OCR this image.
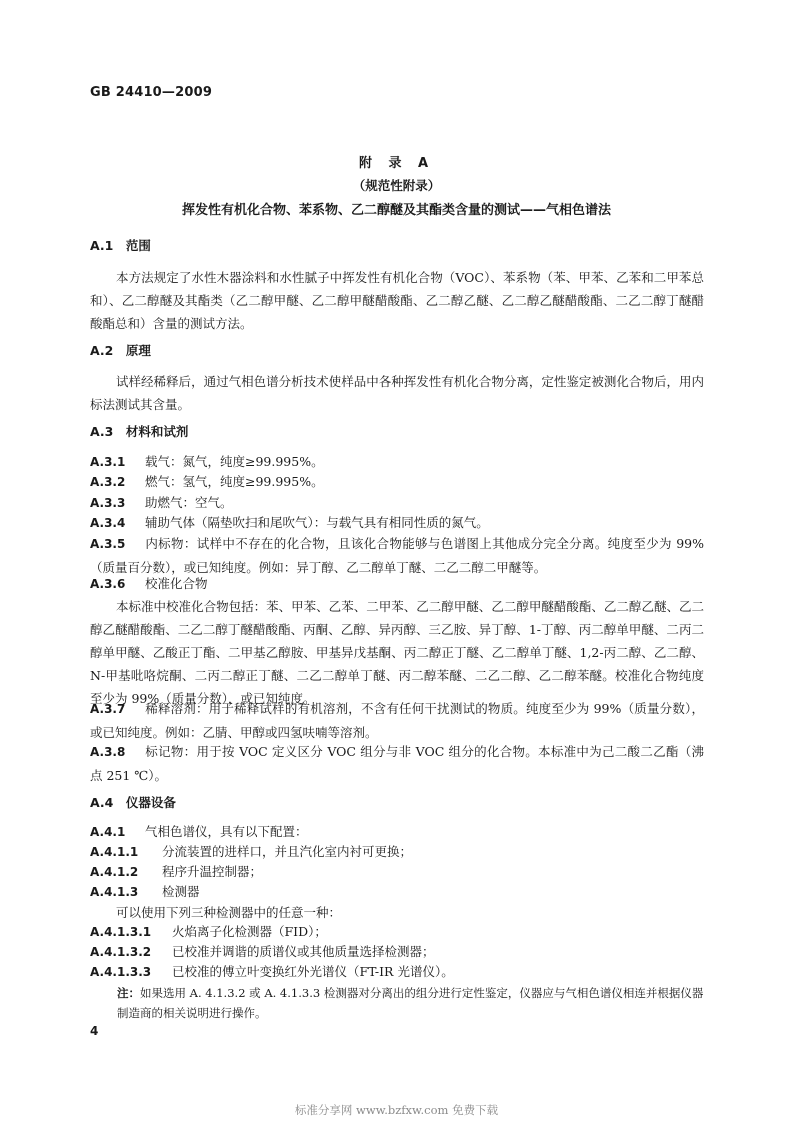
GB 24410—2009
附 录 A
（规范性附录）
挥发性有机化合物、苯系物、乙二醇醚及其酯类含量的测试——气相色谱法
A.1　范围
本方法规定了水性木器涂料和水性腻子中挥发性有机化合物（VOC）、苯系物（苯、甲苯、乙苯和二甲苯总和）、乙二醇醚及其酯类（乙二醇甲醚、乙二醇甲醚醋酸酯、乙二醇乙醚、乙二醇乙醚醋酸酯、二乙二醇丁醚醋酸酯总和）含量的测试方法。
A.2　原理
试样经稀释后，通过气相色谱分析技术使样品中各种挥发性有机化合物分离，定性鉴定被测化合物后，用内标法测试其含量。
A.3　材料和试剂
A.3.1 载气：氮气，纯度≥99.995%。
A.3.2 燃气：氢气，纯度≥99.995%。
A.3.3 助燃气：空气。
A.3.4 辅助气体（隔垫吹扫和尾吹气）：与载气具有相同性质的氮气。
A.3.5 内标物：试样中不存在的化合物，且该化合物能够与色谱图上其他成分完全分离。纯度至少为 99%（质量百分数），或已知纯度。例如：异丁醇、乙二醇单丁醚、二乙二醇二甲醚等。
A.3.6 校准化合物
本标准中校准化合物包括：苯、甲苯、乙苯、二甲苯、乙二醇甲醚、乙二醇甲醚醋酸酯、乙二醇乙醚、乙二醇乙醚醋酸酯、二乙二醇丁醚醋酸酯、丙酮、乙醇、异丙醇、三乙胺、异丁醇、1-丁醇、丙二醇单甲醚、二丙二醇单甲醚、乙酸正丁酯、二甲基乙醇胺、甲基异戊基酮、丙二醇正丁醚、乙二醇单丁醚、1,2-丙二醇、乙二醇、N-甲基吡咯烷酮、二丙二醇正丁醚、二乙二醇单丁醚、丙二醇苯醚、二乙二醇、乙二醇苯醚。校准化合物纯度至少为 99%（质量分数），或已知纯度。
A.3.7 稀释溶剂：用于稀释试样的有机溶剂，不含有任何干扰测试的物质。纯度至少为 99%（质量分数），或已知纯度。例如：乙腈、甲醇或四氢呋喃等溶剂。
A.3.8 标记物：用于按 VOC 定义区分 VOC 组分与非 VOC 组分的化合物。本标准中为己二酸二乙酯（沸点 251 ℃）。
A.4　仪器设备
A.4.1 气相色谱仪，具有以下配置：
A.4.1.1 分流装置的进样口，并且汽化室内衬可更换；
A.4.1.2 程序升温控制器；
A.4.1.3 检测器
可以使用下列三种检测器中的任意一种：
A.4.1.3.1 火焰离子化检测器（FID）；
A.4.1.3.2 已校准并调谐的质谱仪或其他质量选择检测器；
A.4.1.3.3 已校准的傅立叶变换红外光谱仪（FT-IR 光谱仪）。
注：如果选用 A. 4.1.3.2 或 A. 4.1.3.3 检测器对分离出的组分进行定性鉴定，仪器应与气相色谱仪相连并根据仪器制造商的相关说明进行操作。
4
标准分享网 www.bzfxw.com 免费下载
